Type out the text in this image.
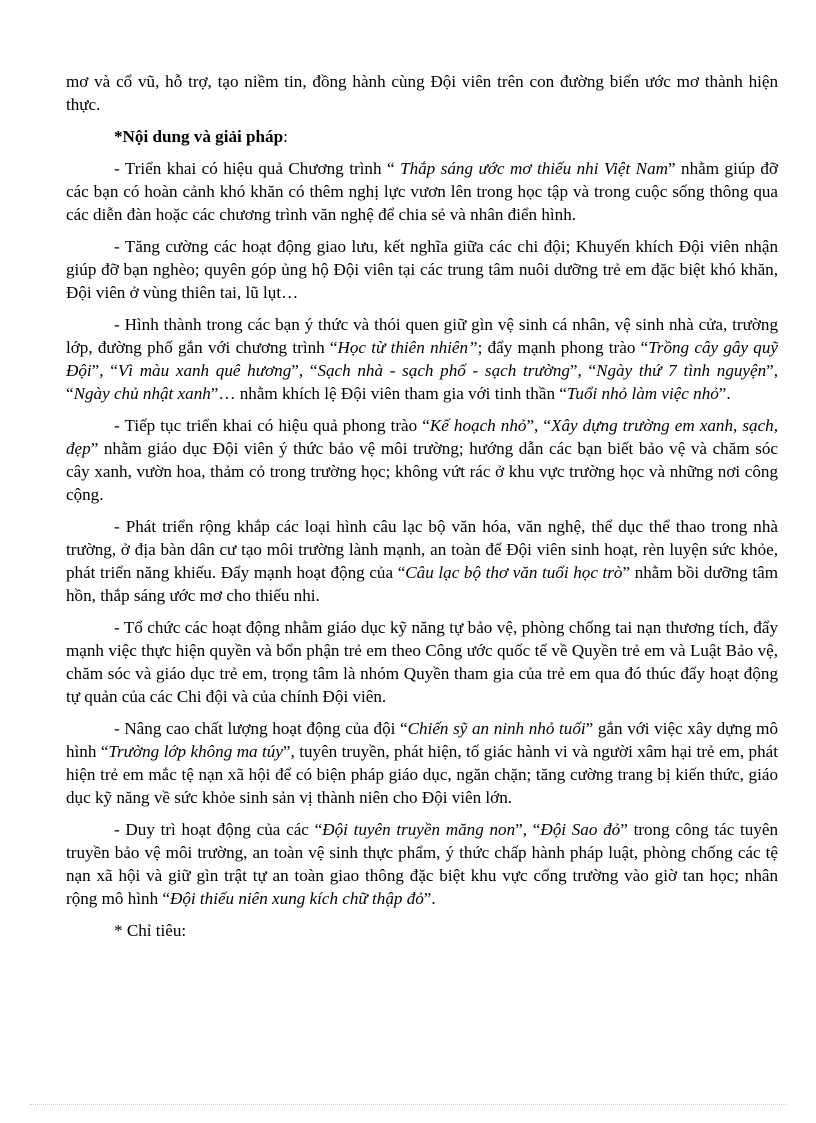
mơ và cổ vũ, hỗ trợ, tạo niềm tin, đồng hành cùng Đội viên trên con đường biến ước mơ thành hiện thực.

*Nội dung và giải pháp:

- Triển khai có hiệu quả Chương trình “ Thắp sáng ước mơ thiếu nhi Việt Nam” nhằm giúp đỡ các bạn có hoàn cảnh khó khăn có thêm nghị lực vươn lên trong học tập và trong cuộc sống thông qua các diễn đàn hoặc các chương trình văn nghệ để chia sẻ và nhân điển hình.

- Tăng cường các hoạt động giao lưu, kết nghĩa giữa các chi đội; Khuyến khích Đội viên nhận giúp đỡ bạn nghèo; quyên góp ủng hộ Đội viên tại các trung tâm nuôi dưỡng trẻ em đặc biệt khó khăn, Đội viên ở vùng thiên tai, lũ lụt…

- Hình thành trong các bạn ý thức và thói quen giữ gìn vệ sinh cá nhân, vệ sinh nhà cửa, trường lớp, đường phố gắn với chương trình “Học từ thiên nhiên”; đẩy mạnh phong trào “Trồng cây gây quỹ Đội”, “Vì màu xanh quê hương”, “Sạch nhà - sạch phố - sạch trường”, “Ngày thứ 7 tình nguyện”, “Ngày chủ nhật xanh”… nhằm khích lệ Đội viên tham gia với tinh thần “Tuổi nhỏ làm việc nhỏ”.

- Tiếp tục triển khai có hiệu quả phong trào “Kế hoạch nhỏ”, “Xây dựng trường em xanh, sạch, đẹp” nhằm giáo dục Đội viên ý thức bảo vệ môi trường; hướng dẫn các bạn biết bảo vệ và chăm sóc cây xanh, vườn hoa, thảm cỏ trong trường học; không vứt rác ở khu vực trường học và những nơi công cộng.

- Phát triển rộng khắp các loại hình câu lạc bộ văn hóa, văn nghệ, thể dục thể thao trong nhà trường, ở địa bàn dân cư tạo môi trường lành mạnh, an toàn để Đội viên sinh hoạt, rèn luyện sức khỏe, phát triển năng khiếu. Đẩy mạnh hoạt động của “Câu lạc bộ thơ văn tuổi học trò” nhằm bồi dưỡng tâm hồn, thắp sáng ước mơ cho thiếu nhi.

- Tổ chức các hoạt động nhằm giáo dục kỹ năng tự bảo vệ, phòng chống tai nạn thương tích, đẩy mạnh việc thực hiện quyền và bổn phận trẻ em theo Công ước quốc tế về Quyền trẻ em và Luật Bảo vệ, chăm sóc và giáo dục trẻ em, trọng tâm là nhóm Quyền tham gia của trẻ em qua đó thúc đẩy hoạt động tự quản của các Chi đội và của chính Đội viên.

- Nâng cao chất lượng hoạt động của đội “Chiến sỹ an ninh nhỏ tuổi” gắn với việc xây dựng mô hình “Trường lớp không ma túy”, tuyên truyền, phát hiện, tố giác hành vi và người xâm hại trẻ em, phát hiện trẻ em mắc tệ nạn xã hội để có biện pháp giáo dục, ngăn chặn; tăng cường trang bị kiến thức, giáo dục kỹ năng về sức khỏe sinh sản vị thành niên cho Đội viên lớn.

- Duy trì hoạt động của các “Đội tuyên truyền măng non”, “Đội Sao đỏ” trong công tác tuyên truyền bảo vệ môi trường, an toàn vệ sinh thực phẩm, ý thức chấp hành pháp luật, phòng chống các tệ nạn xã hội và giữ gìn trật tự an toàn giao thông đặc biệt khu vực cổng trường vào giờ tan học; nhân rộng mô hình “Đội thiếu niên xung kích chữ thập đỏ”.

* Chỉ tiêu:
